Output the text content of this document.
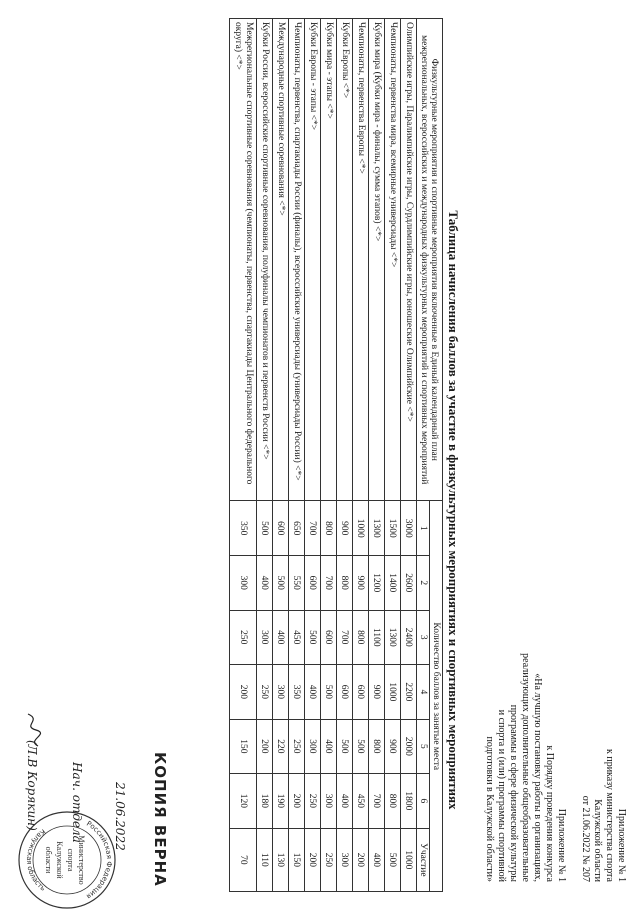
Приложение № 1
к приказу министерства спорта
Калужской области
от 21.06.2022 № 207
Приложение № 1
к Порядку проведения конкурса
«На лучшую постановку работы в организациях,
реализующих дополнительные общеобразовательные
программы в сфере физической культуры
и спорта и (или) программы спортивной
подготовки в Калужской области»
Таблица начисления баллов за участие в физкультурных мероприятиях и спортивных мероприятиях
Физкультурные мероприятия и спортивные мероприятия включенные в Единый календарный план межрегиональных, всероссийских и международных физкультурных мероприятий и спортивных мероприятий	Количество баллов за занятые места						
	1	2	3	4	5	6	Участие
Олимпийские игры, Паралимпийские игры, Сурдлимпийские игры, юношеские Олимпийские <*>	3000	2600	2400	2200	2000	1800	1000
Чемпионаты, первенства мира, всемирные универсиады <*>	1500	1400	1300	1000	900	800	500
Кубки мира (Кубки мира - финалы, сумма этапов) <*>	1300	1200	1100	900	800	700	400
Чемпионаты, первенства Европы <*>	1000	900	800	600	500	450	200
Кубки Европы <*>	900	800	700	600	500	400	300
Кубки мира - этапы <*>	800	700	600	500	400	300	250
Кубки Европы - этапы <*>	700	600	500	400	300	250	200
Чемпионаты, первенства, спартакиады России (финалы), всероссийские универсиады (универсиады России) <*>	650	550	450	350	250	200	150
Международные спортивные соревнования <*>	600	500	400	300	220	190	130
Кубки России, всероссийские спортивные соревнования, полуфиналы чемпионатов и первенств России <*>	500	400	300	250	200	180	110
Межрегиональные спортивные соревнования (чемпионаты, первенства, спартакиады Центрального федерального округа) <*>	350	300	250	200	150	120	70
КОПИЯ ВЕРНА
Российская Федерация
Калужская область
Министерство
спорта
Калужской
области
21.06.2022
Нач. отдела
(Л.В Корякин)
